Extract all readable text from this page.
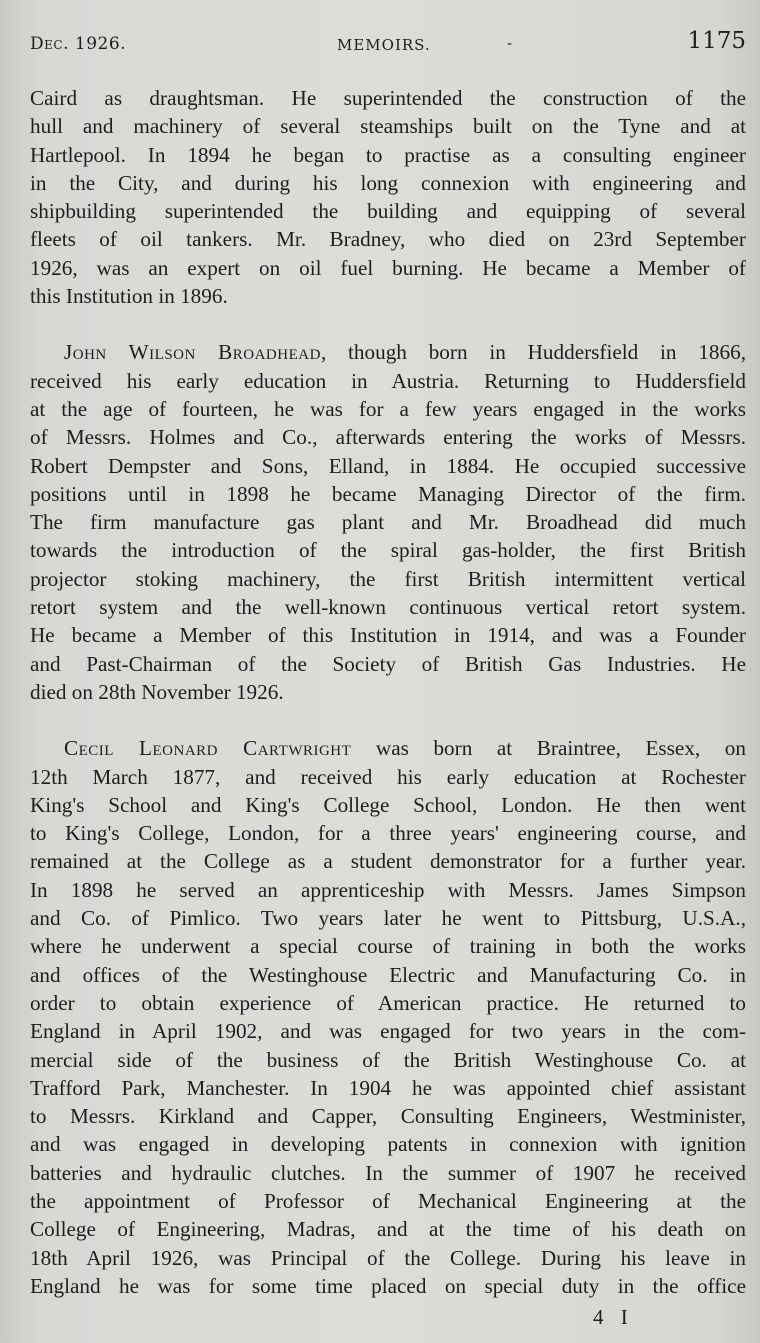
Dec. 1926.	MEMOIRS.	-	1175
Caird as draughtsman. He superintended the construction of the
hull and machinery of several steamships built on the Tyne and at
Hartlepool. In 1894 he began to practise as a consulting engineer
in the City, and during his long connexion with engineering and
shipbuilding superintended the building and equipping of several
fleets of oil tankers. Mr. Bradney, who died on 23rd September
1926, was an expert on oil fuel burning. He became a Member of
this Institution in 1896.
John Wilson Broadhead, though born in Huddersfield in 1866,
received his early education in Austria. Returning to Huddersfield
at the age of fourteen, he was for a few years engaged in the works
of Messrs. Holmes and Co., afterwards entering the works of Messrs.
Robert Dempster and Sons, Elland, in 1884. He occupied successive
positions until in 1898 he became Managing Director of the firm.
The firm manufacture gas plant and Mr. Broadhead did much
towards the introduction of the spiral gas-holder, the first British
projector stoking machinery, the first British intermittent vertical
retort system and the well-known continuous vertical retort system.
He became a Member of this Institution in 1914, and was a Founder
and Past-Chairman of the Society of British Gas Industries. He
died on 28th November 1926.
Cecil Leonard Cartwright was born at Braintree, Essex, on
12th March 1877, and received his early education at Rochester
King's School and King's College School, London. He then went
to King's College, London, for a three years' engineering course, and
remained at the College as a student demonstrator for a further year.
In 1898 he served an apprenticeship with Messrs. James Simpson
and Co. of Pimlico. Two years later he went to Pittsburg, U.S.A.,
where he underwent a special course of training in both the works
and offices of the Westinghouse Electric and Manufacturing Co. in
order to obtain experience of American practice. He returned to
England in April 1902, and was engaged for two years in the com-
mercial side of the business of the British Westinghouse Co. at
Trafford Park, Manchester. In 1904 he was appointed chief assistant
to Messrs. Kirkland and Capper, Consulting Engineers, Westminister,
and was engaged in developing patents in connexion with ignition
batteries and hydraulic clutches. In the summer of 1907 he received
the appointment of Professor of Mechanical Engineering at the
College of Engineering, Madras, and at the time of his death on
18th April 1926, was Principal of the College. During his leave in
England he was for some time placed on special duty in the office
4 I
